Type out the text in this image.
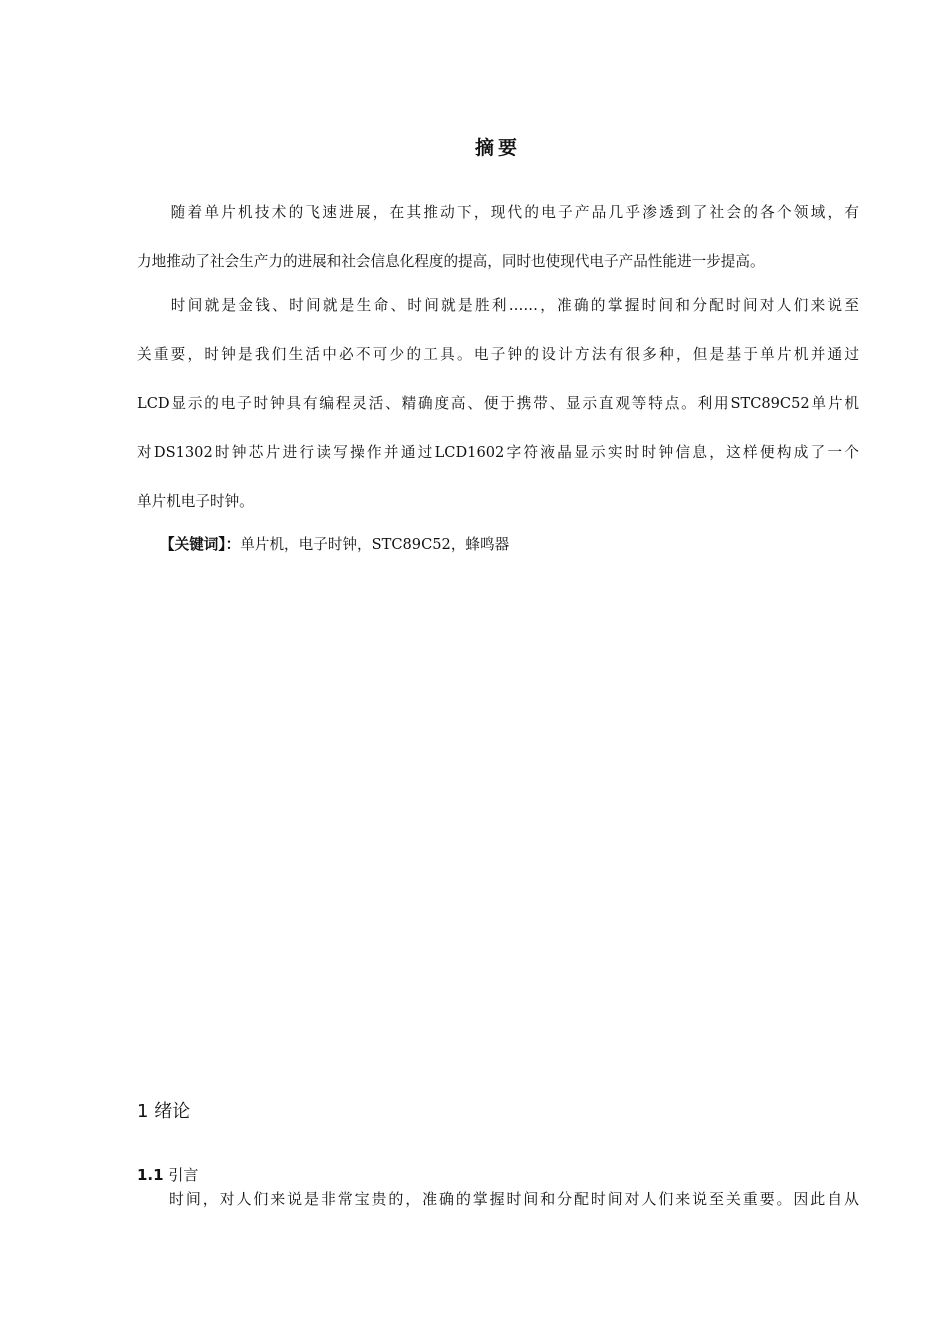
摘要
　　随着单片机技术的飞速进展，在其推动下，现代的电子产品几乎渗透到了社会的各个领域，有
力地推动了社会生产力的进展和社会信息化程度的提高，同时也使现代电子产品性能进一步提高。
　　时间就是金钱、时间就是生命、时间就是胜利……，准确的掌握时间和分配时间对人们来说至
关重要，时钟是我们生活中必不可少的工具。电子钟的设计方法有很多种，但是基于单片机并通过
LCD显示的电子时钟具有编程灵活、精确度高、便于携带、显示直观等特点。利用STC89C52单片机
对DS1302时钟芯片进行读写操作并通过LCD1602字符液晶显示实时时钟信息，这样便构成了一个
单片机电子时钟。
【关键词】：单片机，电子时钟，STC89C52，蜂鸣器
1 绪论
1.1 引言
时间，对人们来说是非常宝贵的，准确的掌握时间和分配时间对人们来说至关重要。因此自从
